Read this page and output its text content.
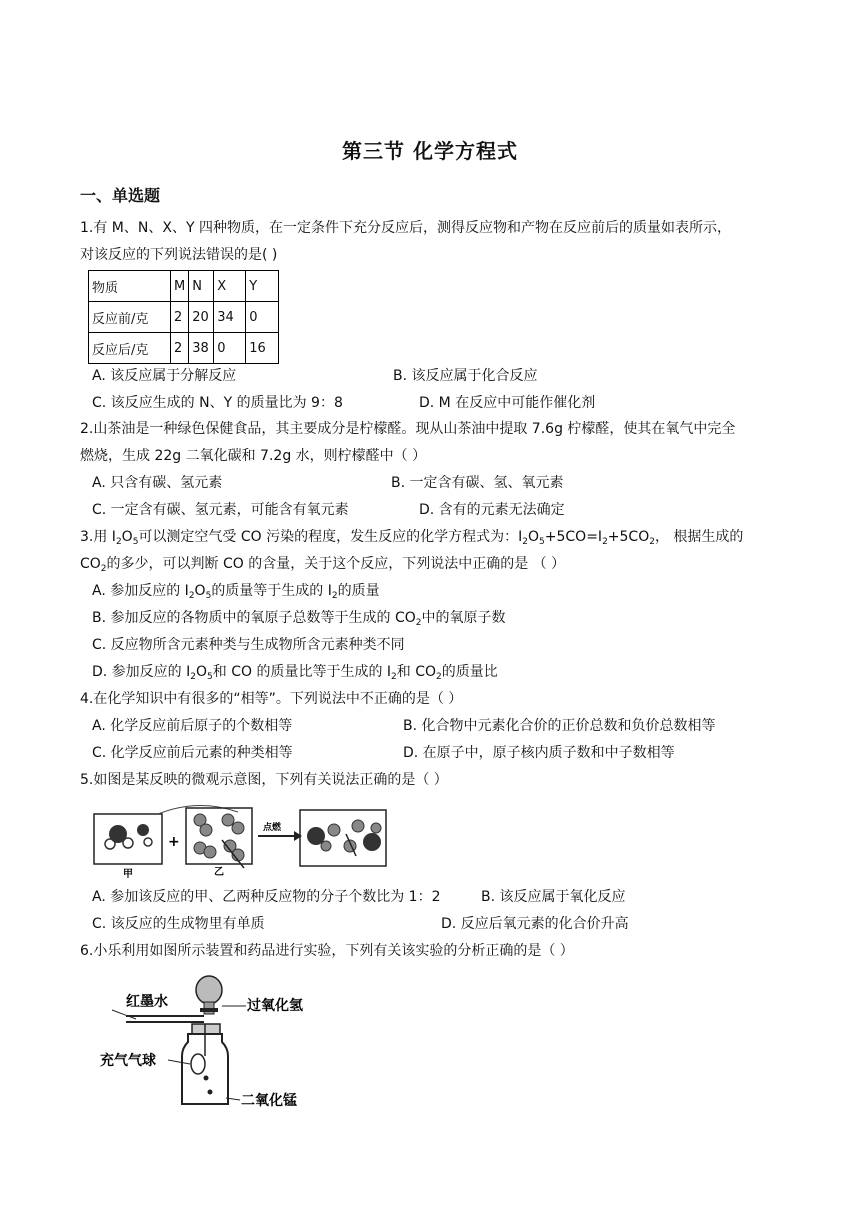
第三节 化学方程式
一、单选题
1.有 M、N、X、Y 四种物质，在一定条件下充分反应后，测得反应物和产物在反应前后的质量如表所示，
对该反应的下列说法错误的是( )
物质	M	N	X	Y
反应前/克	2	20	34	0
反应后/克	2	38	0	16
A. 该反应属于分解反应	B. 该反应属于化合反应
C. 该反应生成的 N、Y 的质量比为 9：8	D. M 在反应中可能作催化剂
2.山茶油是一种绿色保健食品，其主要成分是柠檬醛。现从山茶油中提取 7.6g 柠檬醛，使其在氧气中完全
燃烧，生成 22g 二氧化碳和 7.2g 水，则柠檬醛中（ ）
A. 只含有碳、氢元素	B. 一定含有碳、氢、氧元素
C. 一定含有碳、氢元素，可能含有氧元素	D. 含有的元素无法确定
3.用 $I_2O_5$可以测定空气受 CO 污染的程度，发生反应的化学方程式为：$I_2O_5+5CO=I_2+5CO_2$， 根据生成的
$CO_2$的多少，可以判断 CO 的含量，关于这个反应，下列说法中正确的是 （ ）
A. 参加反应的 $I_2O_5$的质量等于生成的 $I_2$的质量
B. 参加反应的各物质中的氧原子总数等于生成的 $CO_2$中的氧原子数
C. 反应物所含元素种类与生成物所含元素种类不同
D. 参加反应的 $I_2O_5$和 CO 的质量比等于生成的 $I_2$和 $CO_2$的质量比
4.在化学知识中有很多的“相等”。下列说法中不正确的是（ ）
A. 化学反应前后原子的个数相等	B. 化合物中元素化合价的正价总数和负价总数相等
C. 化学反应前后元素的种类相等	D. 在原子中，原子核内质子数和中子数相等
5.如图是某反映的微观示意图，下列有关说法正确的是（ ）
甲
+
乙
点燃
A. 参加该反应的甲、乙两种反应物的分子个数比为 1：2	B. 该反应属于氧化反应
C. 该反应的生成物里有单质	D. 反应后氧元素的化合价升高
6.小乐利用如图所示装置和药品进行实验，下列有关该实验的分析正确的是（ ）
过氧化氢
红墨水
充气气球
二氧化锰
